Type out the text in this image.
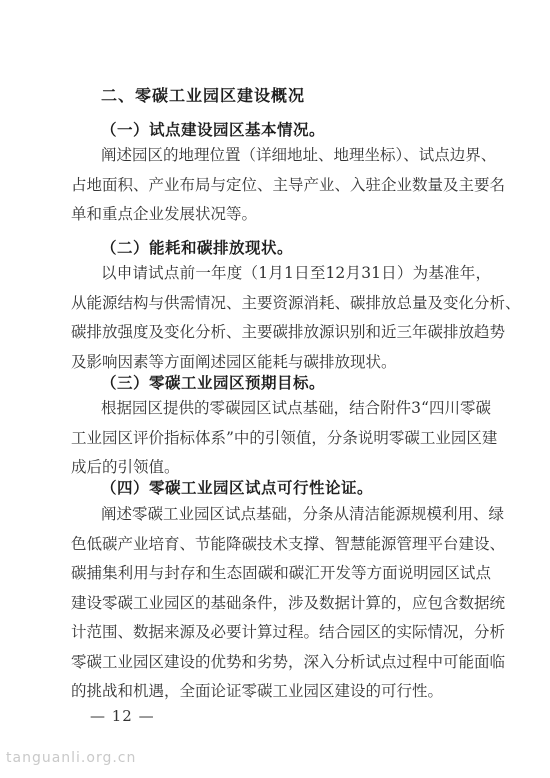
二、零碳工业园区建设概况
（一）试点建设园区基本情况。
阐述园区的地理位置（详细地址、地理坐标）、试点边界、
占地面积、产业布局与定位、主导产业、入驻企业数量及主要名
单和重点企业发展状况等。
（二）能耗和碳排放现状。
以申请试点前一年度（1月1日至12月31日）为基准年，
从能源结构与供需情况、主要资源消耗、碳排放总量及变化分析、
碳排放强度及变化分析、主要碳排放源识别和近三年碳排放趋势
及影响因素等方面阐述园区能耗与碳排放现状。
（三）零碳工业园区预期目标。
根据园区提供的零碳园区试点基础，结合附件3“四川零碳
工业园区评价指标体系”中的引领值，分条说明零碳工业园区建
成后的引领值。
（四）零碳工业园区试点可行性论证。
阐述零碳工业园区试点基础，分条从清洁能源规模利用、绿
色低碳产业培育、节能降碳技术支撑、智慧能源管理平台建设、
碳捕集利用与封存和生态固碳和碳汇开发等方面说明园区试点
建设零碳工业园区的基础条件，涉及数据计算的，应包含数据统
计范围、数据来源及必要计算过程。结合园区的实际情况，分析
零碳工业园区建设的优势和劣势，深入分析试点过程中可能面临
的挑战和机遇，全面论证零碳工业园区建设的可行性。
— 12 —
tanguanli.org.cn
